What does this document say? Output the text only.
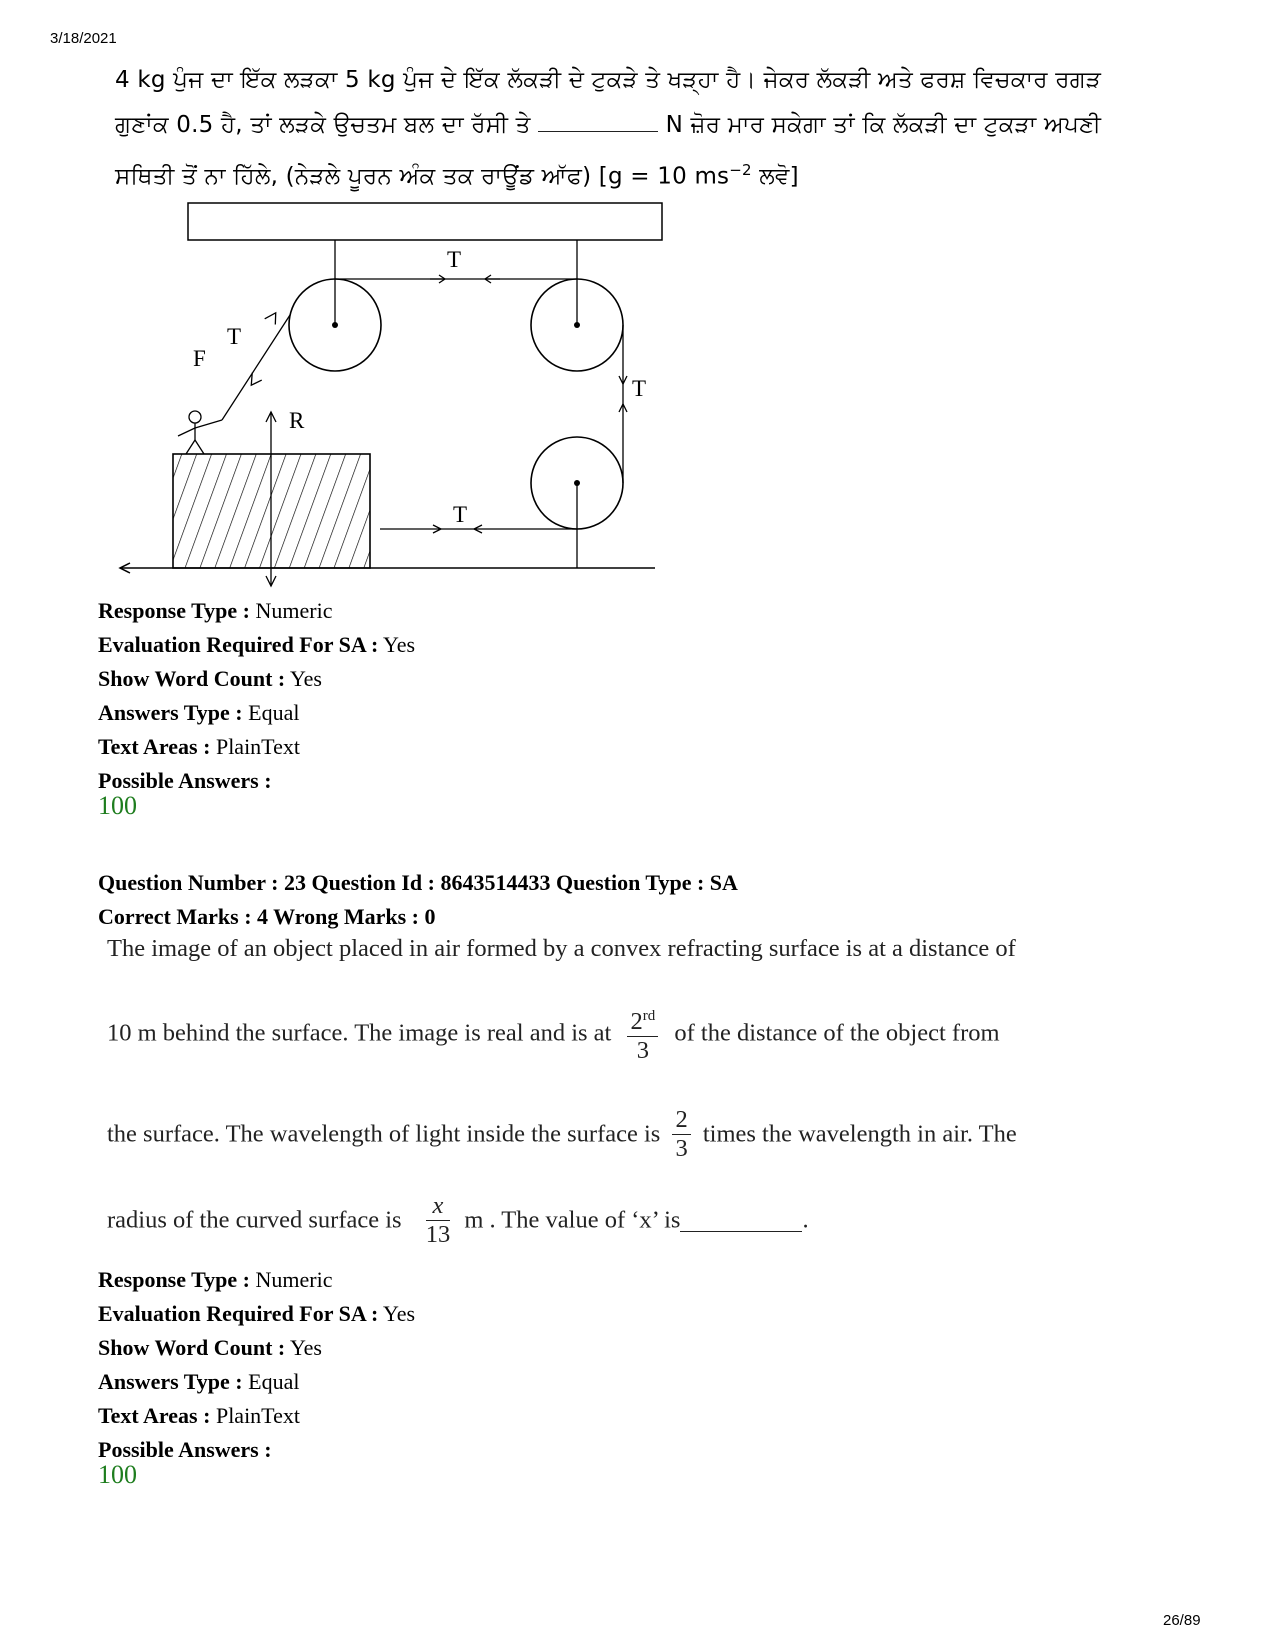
3/18/2021
26/89
4 kg ਪੁੰਜ ਦਾ ਇੱਕ ਲੜਕਾ 5 kg ਪੁੰਜ ਦੇ ਇੱਕ ਲੱਕੜੀ ਦੇ ਟੁਕੜੇ ਤੇ ਖੜ੍ਹਾ ਹੈ। ਜੇਕਰ ਲੱਕੜੀ ਅਤੇ ਫਰਸ਼ ਵਿਚਕਾਰ ਰਗੜ
ਗੁਣਾਂਕ 0.5 ਹੈ, ਤਾਂ ਲੜਕੇ ਉਚਤਮ ਬਲ ਦਾ ਰੱਸੀ ਤੇ	N ਜ਼ੋਰ ਮਾਰ ਸਕੇਗਾ ਤਾਂ ਕਿ ਲੱਕੜੀ ਦਾ ਟੁਕੜਾ ਅਪਣੀ
ਸਥਿਤੀ ਤੋਂ ਨਾ ਹਿੱਲੇ, (ਨੇੜਲੇ ਪੂਰਨ ਅੰਕ ਤਕ ਰਾਊਂਡ ਆੱਫ) [g = 10 $ms^{-2}$ ਲਵੋ]
T
T
T
T
F
R
Response Type : Numeric
Evaluation Required For SA : Yes
Show Word Count : Yes
Answers Type : Equal
Text Areas : PlainText
Possible Answers :
100
Question Number : 23 Question Id : 8643514433 Question Type : SA
Correct Marks : 4 Wrong Marks : 0
The image of an object placed in air formed by a convex refracting surface is at a distance of
10 m behind the surface. The image is real and is at $\frac{2^{rd}}{3}$ of the distance of the object from
the surface. The wavelength of light inside the surface is $\frac{2}{3}$ times the wavelength in air. The
radius of the curved surface is $\frac{x}{13}$ m . The value of ‘x’ is	.
Response Type : Numeric
Evaluation Required For SA : Yes
Show Word Count : Yes
Answers Type : Equal
Text Areas : PlainText
Possible Answers :
100
